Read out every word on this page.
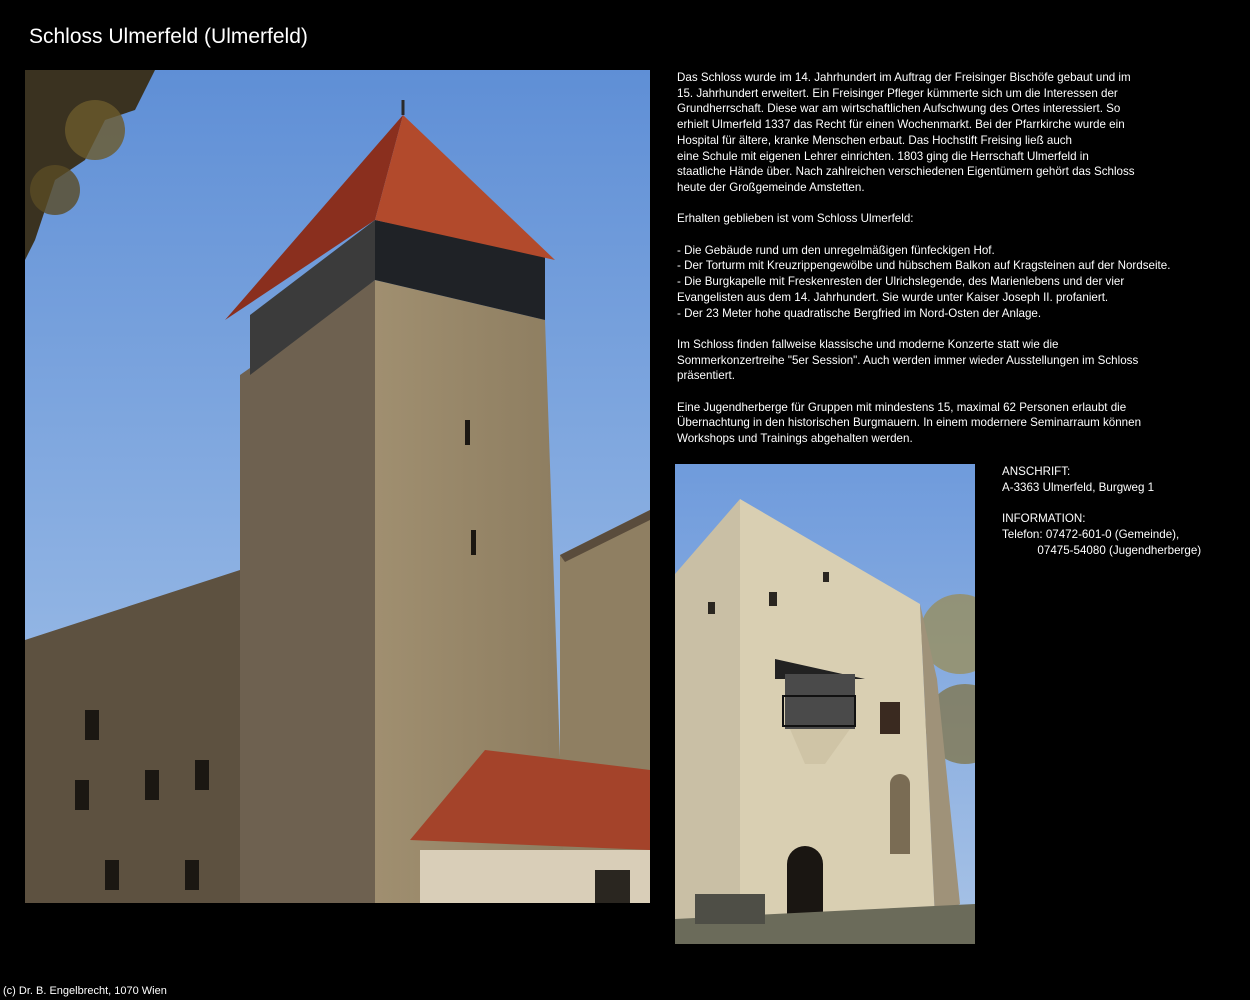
Schloss Ulmerfeld (Ulmerfeld)

Das Schloss wurde im 14. Jahrhundert im Auftrag der Freisinger Bischöfe gebaut und im
15. Jahrhundert erweitert. Ein Freisinger Pfleger kümmerte sich um die Interessen der
Grundherrschaft. Diese war am wirtschaftlichen Aufschwung des Ortes interessiert. So
erhielt Ulmerfeld 1337 das Recht für einen Wochenmarkt. Bei der Pfarrkirche wurde ein
Hospital für ältere, kranke Menschen erbaut. Das Hochstift Freising ließ auch
eine Schule mit eigenen Lehrer einrichten. 1803 ging die Herrschaft Ulmerfeld in
staatliche Hände über. Nach zahlreichen verschiedenen Eigentümern gehört das Schloss
heute der Großgemeinde Amstetten.

Erhalten geblieben ist vom Schloss Ulmerfeld:

- Die Gebäude rund um den unregelmäßigen fünfeckigen Hof.
- Der Torturm mit Kreuzrippengewölbe und hübschem Balkon auf Kragsteinen auf der Nordseite.
- Die Burgkapelle mit Freskenresten der Ulrichslegende, des Marienlebens und der vier
Evangelisten aus dem 14. Jahrhundert. Sie wurde unter Kaiser Joseph II. profaniert.
- Der 23 Meter hohe quadratische Bergfried im Nord-Osten der Anlage.

Im Schloss finden fallweise klassische und moderne Konzerte statt wie die
Sommerkonzertreihe "5er Session". Auch werden immer wieder Ausstellungen im Schloss
präsentiert.

Eine Jugendherberge für Gruppen mit mindestens 15, maximal 62 Personen erlaubt die
Übernachtung in den historischen Burgmauern. In einem modernere Seminarraum können
Workshops und Trainings abgehalten werden.

ANSCHRIFT:
A-3363 Ulmerfeld, Burgweg 1
INFORMATION:
Telefon: 07472-601-0 (Gemeinde),
07475-54080 (Jugendherberge)
(c) Dr. B. Engelbrecht, 1070 Wien
